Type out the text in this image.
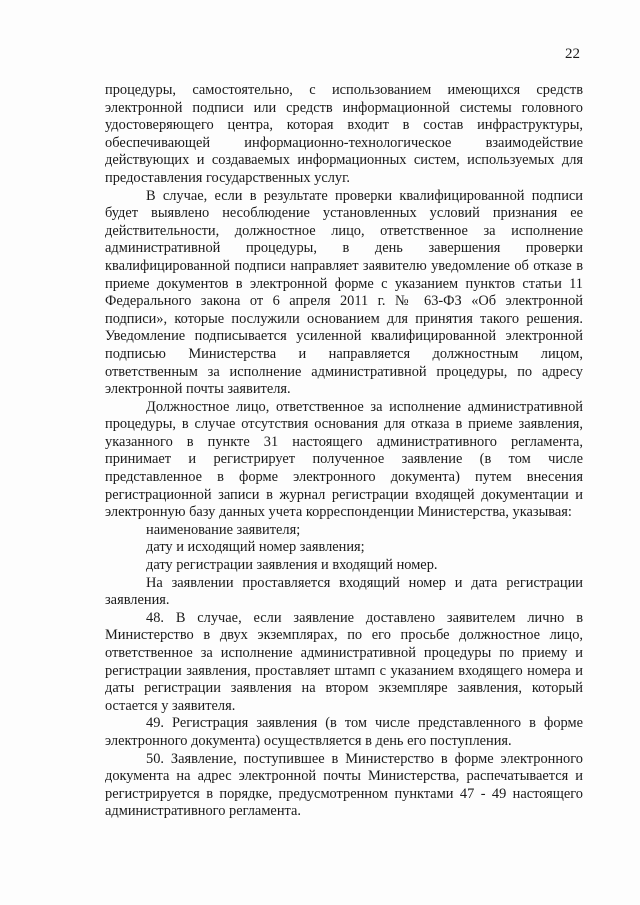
22

процедуры, самостоятельно, с использованием имеющихся средств электронной подписи или средств информационной системы головного удостоверяющего центра, которая входит в состав инфраструктуры, обеспечивающей информационно-технологическое взаимодействие действующих и создаваемых информационных систем, используемых для предоставления государственных услуг.

В случае, если в результате проверки квалифицированной подписи будет выявлено несоблюдение установленных условий признания ее действительности, должностное лицо, ответственное за исполнение административной процедуры, в день завершения проверки квалифицированной подписи направляет заявителю уведомление об отказе в приеме документов в электронной форме с указанием пунктов статьи 11 Федерального закона от 6 апреля 2011 г. № 63-ФЗ «Об электронной подписи», которые послужили основанием для принятия такого решения. Уведомление подписывается усиленной квалифицированной электронной подписью Министерства и направляется должностным лицом, ответственным за исполнение административной процедуры, по адресу электронной почты заявителя.

Должностное лицо, ответственное за исполнение административной процедуры, в случае отсутствия основания для отказа в приеме заявления, указанного в пункте 31 настоящего административного регламента, принимает и регистрирует полученное заявление (в том числе представленное в форме электронного документа) путем внесения регистрационной записи в журнал регистрации входящей документации и электронную базу данных учета корреспонденции Министерства, указывая:

наименование заявителя;

дату и исходящий номер заявления;

дату регистрации заявления и входящий номер.

На заявлении проставляется входящий номер и дата регистрации заявления.

48. В случае, если заявление доставлено заявителем лично в Министерство в двух экземплярах, по его просьбе должностное лицо, ответственное за исполнение административной процедуры по приему и регистрации заявления, проставляет штамп с указанием входящего номера и даты регистрации заявления на втором экземпляре заявления, который остается у заявителя.

49. Регистрация заявления (в том числе представленного в форме электронного документа) осуществляется в день его поступления.

50. Заявление, поступившее в Министерство в форме электронного документа на адрес электронной почты Министерства, распечатывается и регистрируется в порядке, предусмотренном пунктами 47 - 49 настоящего административного регламента.
